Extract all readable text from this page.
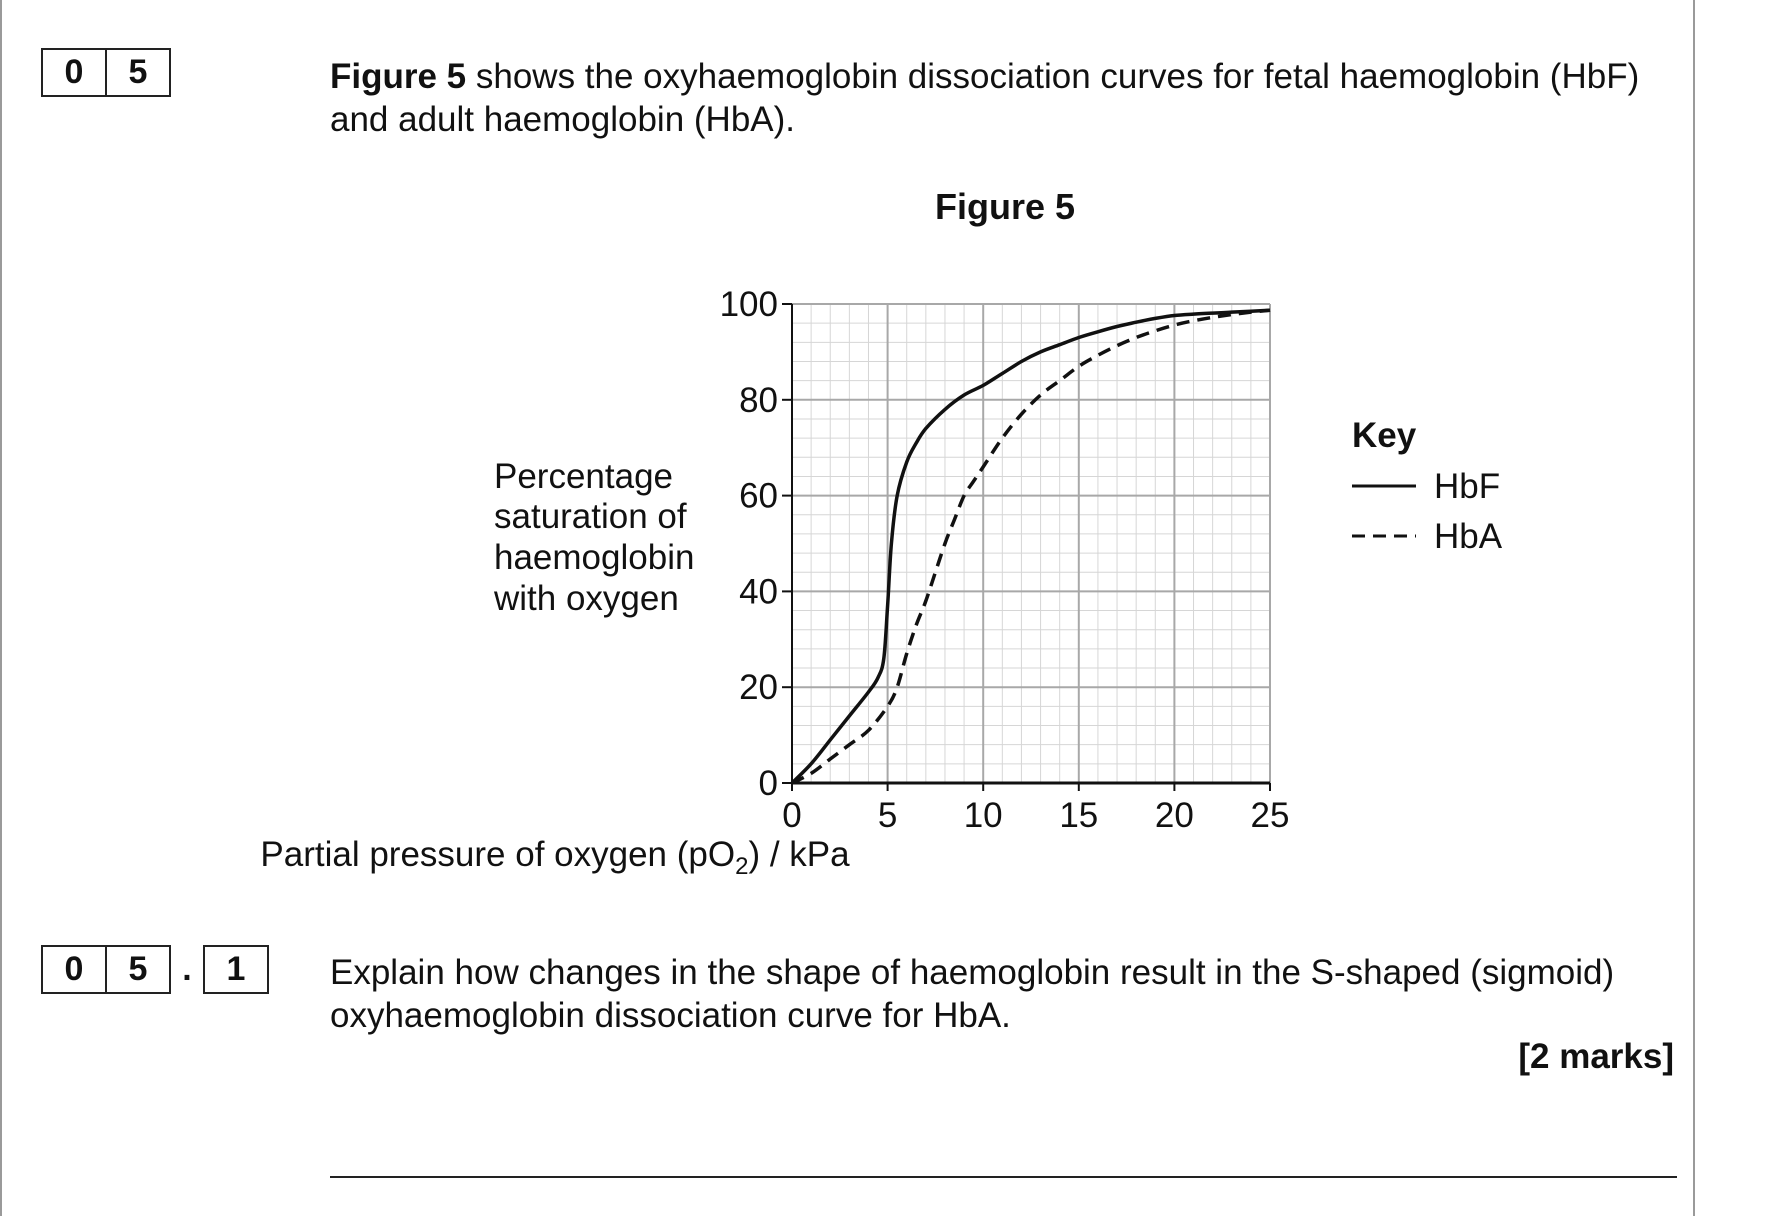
0	5	Figure 5 shows the oxyhaemoglobin dissociation curves for fetal haemoglobin (HbF) and adult haemoglobin (HbA).
Figure 5
0
20
40
60
80
100
0 5 10 15 20 25
Partial pressure of oxygen $(pO_2)$ / kPa
Percentage
saturation of
haemoglobin
with oxygen
Key
HbF
HbA
0	5	.	1	Explain how changes in the shape of haemoglobin result in the S-shaped (sigmoid) oxyhaemoglobin dissociation curve for HbA.
[2 marks]
